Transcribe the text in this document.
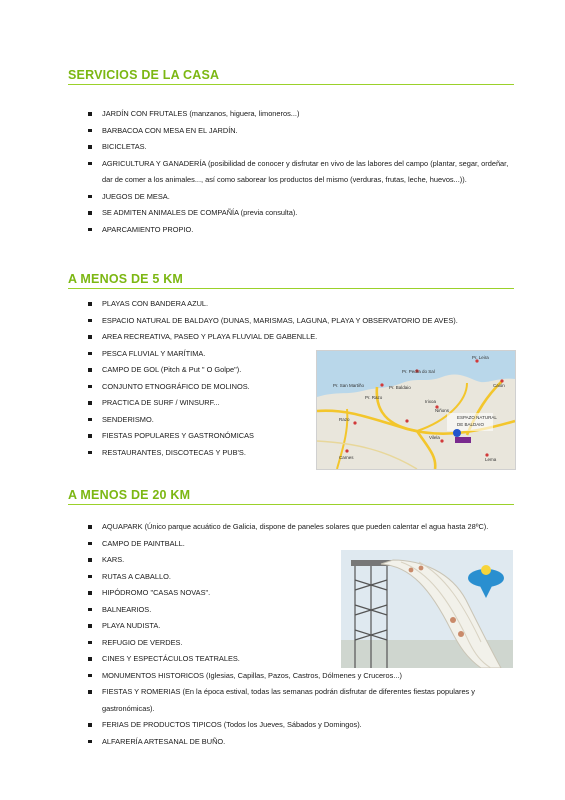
SERVICIOS DE LA CASA
JARDÍN CON FRUTALES (manzanos, higuera, limoneros...)
BARBACOA CON MESA EN EL JARDÍN.
BICICLETAS.
AGRICULTURA Y GANADERÍA (posibilidad de conocer y disfrutar en vivo de las labores del campo (plantar, segar, ordeñar, dar de comer a los animales..., así como saborear los productos del mismo (verduras, frutas, leche, huevos...)).
JUEGOS DE MESA.
SE ADMITEN ANIMALES DE COMPAÑÍA (previa consulta).
APARCAMIENTO PROPIO.
A MENOS DE 5 KM
PLAYAS CON BANDERA AZUL.
ESPACIO NATURAL DE BALDAYO (DUNAS, MARISMAS, LAGUNA, PLAYA Y OBSERVATORIO DE AVES).
AREA RECREATIVA, PASEO Y PLAYA FLUVIAL DE GABENLLE.
PESCA FLUVIAL Y MARÍTIMA.
CAMPO DE GOL (Pitch & Put " O Golpe").
CONJUNTO ETNOGRÁFICO DE MOLINOS.
PRACTICA DE SURF / WINSURF...
SENDERISMO.
FIESTAS POPULARES Y GASTRONÓMICAS
RESTAURANTES, DISCOTECAS Y PUB'S.
Pr. Leira
Pr. Pedra do Sal
Pr. San Martiño	Pr. Baldaio
Pr. Razo
Caión
Irixoa
Razo
Niñons
ESPAZO NATURAL
DE BALDAIO
Vilela
Carnes	Lema
A MENOS DE 20 KM
AQUAPARK (Único parque acuático de Galicia, dispone de paneles solares que pueden calentar el agua hasta 28ºC).
CAMPO DE PAINTBALL.
KARS.
RUTAS A CABALLO.
HIPÓDROMO "CASAS NOVAS".
BALNEARIOS.
PLAYA NUDISTA.
REFUGIO DE VERDES.
CINES Y ESPECTÁCULOS TEATRALES.
MONUMENTOS HISTORICOS (Iglesias, Capillas, Pazos, Castros, Dólmenes y Cruceros...)
FIESTAS Y ROMERIAS (En la época estival, todas las semanas podrán disfrutar de diferentes fiestas populares y gastronómicas).
FERIAS DE PRODUCTOS TIPICOS (Todos los Jueves, Sábados y Domingos).
ALFARERÍA ARTESANAL DE BUÑO.
